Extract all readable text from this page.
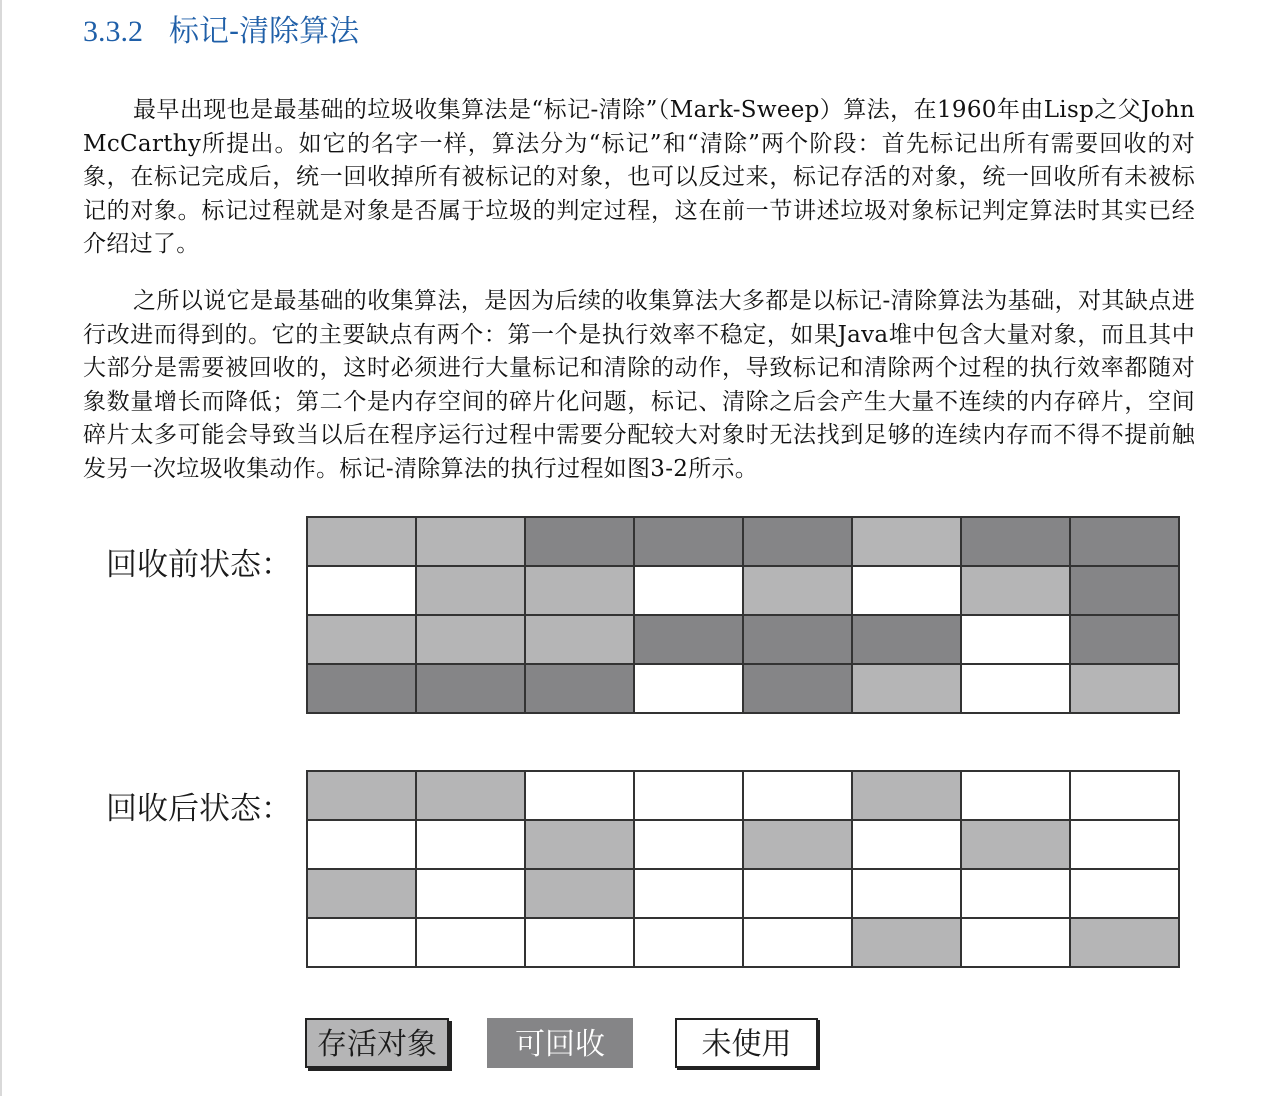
3.3.2 标记-清除算法

最早出现也是最基础的垃圾收集算法是“标记-清除”（Mark-Sweep）算法，在1960年由Lisp之父John McCarthy所提出。如它的名字一样，算法分为“标记”和“清除”两个阶段：首先标记出所有需要回收的对象，在标记完成后，统一回收掉所有被标记的对象，也可以反过来，标记存活的对象，统一回收所有未被标记的对象。标记过程就是对象是否属于垃圾的判定过程，这在前一节讲述垃圾对象标记判定算法时其实已经介绍过了。

之所以说它是最基础的收集算法，是因为后续的收集算法大多都是以标记-清除算法为基础，对其缺点进行改进而得到的。它的主要缺点有两个：第一个是执行效率不稳定，如果Java堆中包含大量对象，而且其中大部分是需要被回收的，这时必须进行大量标记和清除的动作，导致标记和清除两个过程的执行效率都随对象数量增长而降低；第二个是内存空间的碎片化问题，标记、清除之后会产生大量不连续的内存碎片，空间碎片太多可能会导致当以后在程序运行过程中需要分配较大对象时无法找到足够的连续内存而不得不提前触发另一次垃圾收集动作。标记-清除算法的执行过程如图3-2所示。

回收前状态：
回收后状态：
存活对象	可回收	未使用
